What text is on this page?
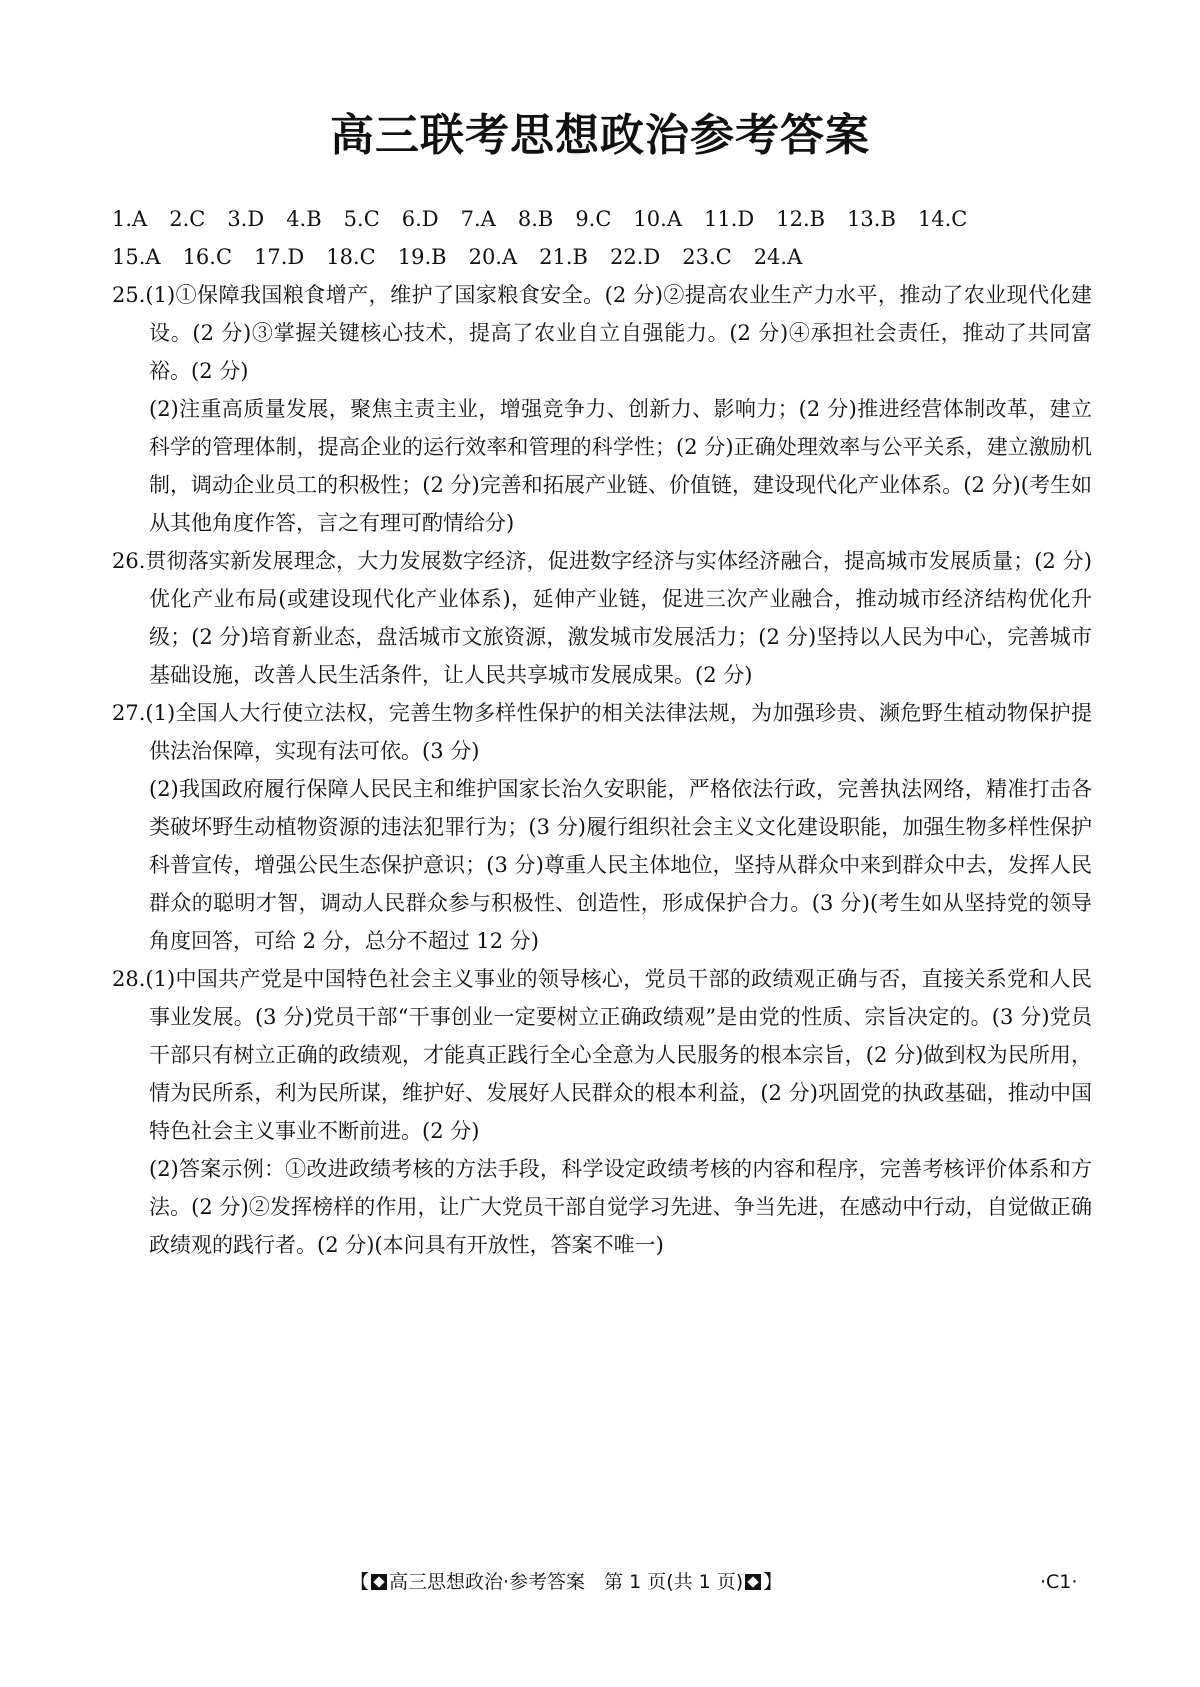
高三联考思想政治参考答案
1.A 2.C 3.D 4.B 5.C 6.D 7.A 8.B 9.C 10.A 11.D 12.B 13.B 14.C
15.A 16.C 17.D 18.C 19.B 20.A 21.B 22.D 23.C 24.A
25.(1)①保障我国粮食增产，维护了国家粮食安全。(2 分)②提高农业生产力水平，推动了农业现代化建设。(2 分)③掌握关键核心技术，提高了农业自立自强能力。(2 分)④承担社会责任，推动了共同富裕。(2 分)
(2)注重高质量发展，聚焦主责主业，增强竞争力、创新力、影响力；(2 分)推进经营体制改革，建立科学的管理体制，提高企业的运行效率和管理的科学性；(2 分)正确处理效率与公平关系，建立激励机制，调动企业员工的积极性；(2 分)完善和拓展产业链、价值链，建设现代化产业体系。(2 分)(考生如从其他角度作答，言之有理可酌情给分)
26.贯彻落实新发展理念，大力发展数字经济，促进数字经济与实体经济融合，提高城市发展质量；(2 分)优化产业布局(或建设现代化产业体系)，延伸产业链，促进三次产业融合，推动城市经济结构优化升级；(2 分)培育新业态，盘活城市文旅资源，激发城市发展活力；(2 分)坚持以人民为中心，完善城市基础设施，改善人民生活条件，让人民共享城市发展成果。(2 分)
27.(1)全国人大行使立法权，完善生物多样性保护的相关法律法规，为加强珍贵、濒危野生植动物保护提供法治保障，实现有法可依。(3 分)
(2)我国政府履行保障人民民主和维护国家长治久安职能，严格依法行政，完善执法网络，精准打击各类破坏野生动植物资源的违法犯罪行为；(3 分)履行组织社会主义文化建设职能，加强生物多样性保护科普宣传，增强公民生态保护意识；(3 分)尊重人民主体地位，坚持从群众中来到群众中去，发挥人民群众的聪明才智，调动人民群众参与积极性、创造性，形成保护合力。(3 分)(考生如从坚持党的领导角度回答，可给 2 分，总分不超过 12 分)
28.(1)中国共产党是中国特色社会主义事业的领导核心，党员干部的政绩观正确与否，直接关系党和人民事业发展。(3 分)党员干部“干事创业一定要树立正确政绩观”是由党的性质、宗旨决定的。(3 分)党员干部只有树立正确的政绩观，才能真正践行全心全意为人民服务的根本宗旨，(2 分)做到权为民所用，情为民所系，利为民所谋，维护好、发展好人民群众的根本利益，(2 分)巩固党的执政基础，推动中国特色社会主义事业不断前进。(2 分)
(2)答案示例：①改进政绩考核的方法手段，科学设定政绩考核的内容和程序，完善考核评价体系和方法。(2 分)②发挥榜样的作用，让广大党员干部自觉学习先进、争当先进，在感动中行动，自觉做正确政绩观的践行者。(2 分)(本问具有开放性，答案不唯一)
【 高三思想政治·参考答案　第 1 页(共 1 页) 】	·C1·
